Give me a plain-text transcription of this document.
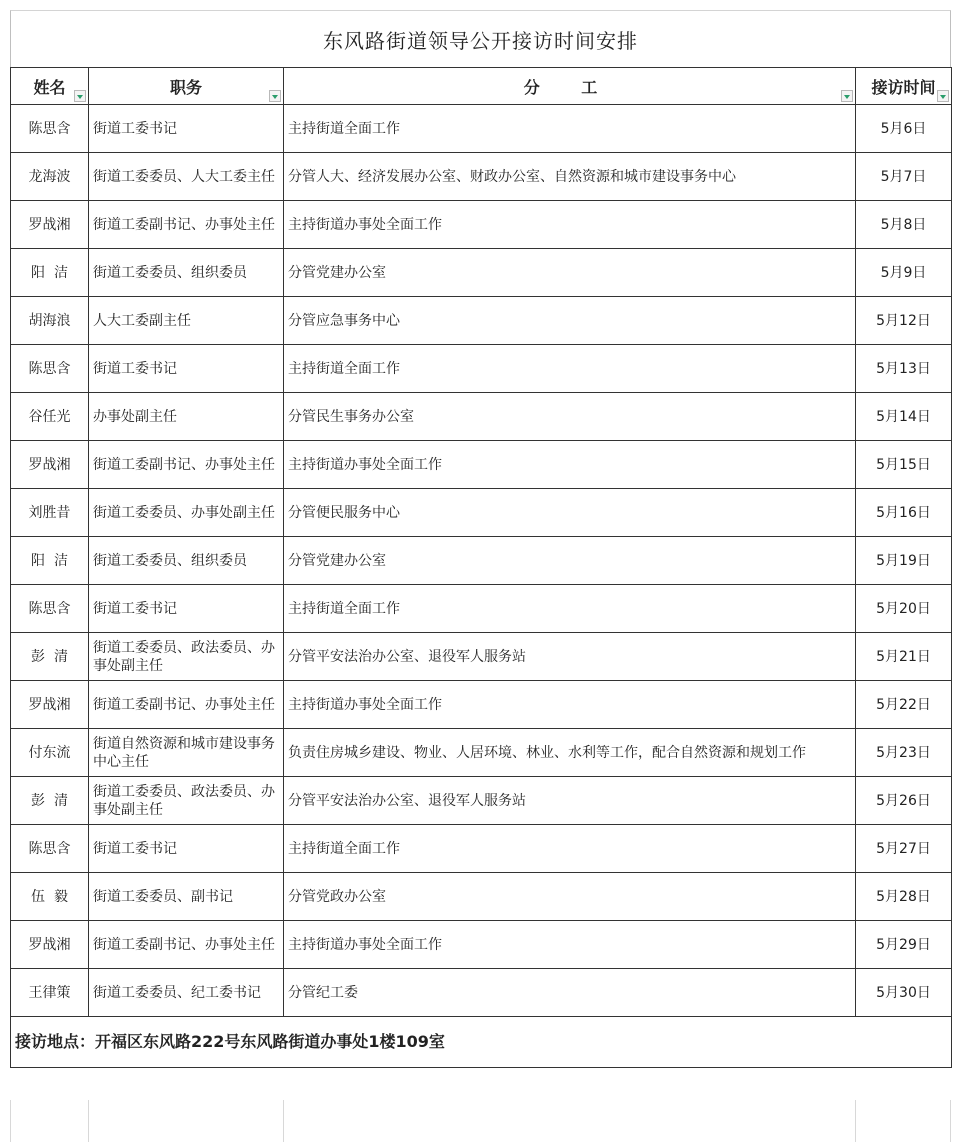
东风路街道领导公开接访时间安排
姓名	职务	分 工	接访时间

陈思含	街道工委书记	主持街道全面工作	5月6日
龙海波	街道工委委员、人大工委主任	分管人大、经济发展办公室、财政办公室、自然资源和城市建设事务中心	5月7日
罗战湘	街道工委副书记、办事处主任	主持街道办事处全面工作	5月8日
阳  洁	街道工委委员、组织委员	分管党建办公室	5月9日
胡海浪	人大工委副主任	分管应急事务中心	5月12日
陈思含	街道工委书记	主持街道全面工作	5月13日
谷任光	办事处副主任	分管民生事务办公室	5月14日
罗战湘	街道工委副书记、办事处主任	主持街道办事处全面工作	5月15日
刘胜昔	街道工委委员、办事处副主任	分管便民服务中心	5月16日
阳  洁	街道工委委员、组织委员	分管党建办公室	5月19日
陈思含	街道工委书记	主持街道全面工作	5月20日
彭  清	街道工委委员、政法委员、办事处副主任	分管平安法治办公室、退役军人服务站	5月21日
罗战湘	街道工委副书记、办事处主任	主持街道办事处全面工作	5月22日
付东流	街道自然资源和城市建设事务中心主任	负责住房城乡建设、物业、人居环境、林业、水利等工作，配合自然资源和规划工作	5月23日
彭  清	街道工委委员、政法委员、办事处副主任	分管平安法治办公室、退役军人服务站	5月26日
陈思含	街道工委书记	主持街道全面工作	5月27日
伍  毅	街道工委委员、副书记	分管党政办公室	5月28日
罗战湘	街道工委副书记、办事处主任	主持街道办事处全面工作	5月29日
王律策	街道工委委员、纪工委书记	分管纪工委	5月30日
接访地点：开福区东风路222号东风路街道办事处1楼109室			
